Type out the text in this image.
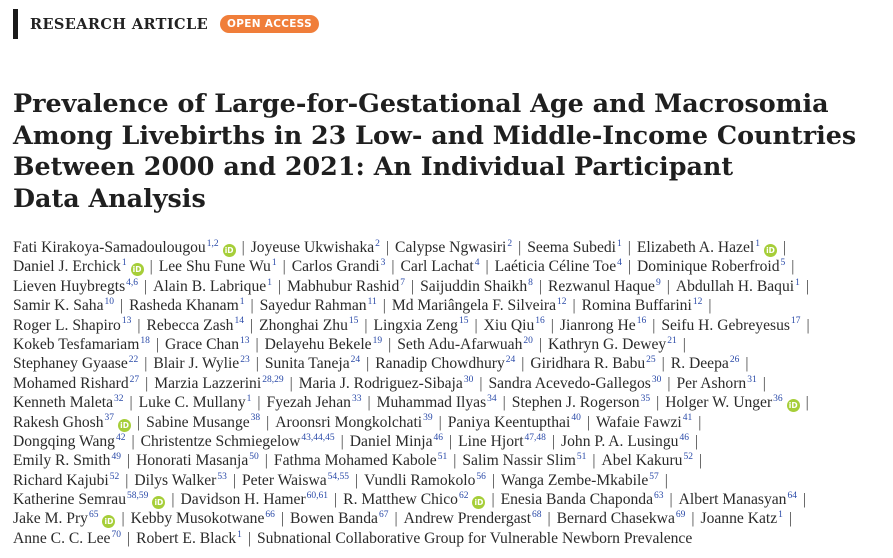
RESEARCH ARTICLE	OPEN ACCESS
Prevalence of Large-for-Gestational Age and Macrosomia
Among Livebirths in 23 Low- and Middle-Income Countries
Between 2000 and 2021: An Individual Participant
Data Analysis
Fati Kirakoya-Samadoulougou$^{1,2}$iD | Joyeuse Ukwishaka$^2$ | Calypse Ngwasiri$^2$ | Seema Subedi$^1$ | Elizabeth A. Hazel$^1$iD |
Daniel J. Erchick$^1$iD | Lee Shu Fune Wu$^1$ | Carlos Grandi$^3$ | Carl Lachat$^4$ | Laéticia Céline Toe$^4$ | Dominique Roberfroid$^5$ |
Lieven Huybregts$^{4,6}$ | Alain B. Labrique$^1$ | Mabhubur Rashid$^7$ | Saijuddin Shaikh$^8$ | Rezwanul Haque$^9$ | Abdullah H. Baqui$^1$ |
Samir K. Saha$^{10}$ | Rasheda Khanam$^1$ | Sayedur Rahman$^{11}$ | Md Mariângela F. Silveira$^{12}$ | Romina Buffarini$^{12}$ |
Roger L. Shapiro$^{13}$ | Rebecca Zash$^{14}$ | Zhonghai Zhu$^{15}$ | Lingxia Zeng$^{15}$ | Xiu Qiu$^{16}$ | Jianrong He$^{16}$ | Seifu H. Gebreyesus$^{17}$ |
Kokeb Tesfamariam$^{18}$ | Grace Chan$^{13}$ | Delayehu Bekele$^{19}$ | Seth Adu-Afarwuah$^{20}$ | Kathryn G. Dewey$^{21}$ |
Stephaney Gyaase$^{22}$ | Blair J. Wylie$^{23}$ | Sunita Taneja$^{24}$ | Ranadip Chowdhury$^{24}$ | Giridhara R. Babu$^{25}$ | R. Deepa$^{26}$ |
Mohamed Rishard$^{27}$ | Marzia Lazzerini$^{28,29}$ | Maria J. Rodriguez-Sibaja$^{30}$ | Sandra Acevedo-Gallegos$^{30}$ | Per Ashorn$^{31}$ |
Kenneth Maleta$^{32}$ | Luke C. Mullany$^1$ | Fyezah Jehan$^{33}$ | Muhammad Ilyas$^{34}$ | Stephen J. Rogerson$^{35}$ | Holger W. Unger$^{36}$iD |
Rakesh Ghosh$^{37}$iD | Sabine Musange$^{38}$ | Aroonsri Mongkolchati$^{39}$ | Paniya Keentupthai$^{40}$ | Wafaie Fawzi$^{41}$ |
Dongqing Wang$^{42}$ | Christentze Schmiegelow$^{43,44,45}$ | Daniel Minja$^{46}$ | Line Hjort$^{47,48}$ | John P. A. Lusingu$^{46}$ |
Emily R. Smith$^{49}$ | Honorati Masanja$^{50}$ | Fathma Mohamed Kabole$^{51}$ | Salim Nassir Slim$^{51}$ | Abel Kakuru$^{52}$ |
Richard Kajubi$^{52}$ | Dilys Walker$^{53}$ | Peter Waiswa$^{54,55}$ | Vundli Ramokolo$^{56}$ | Wanga Zembe-Mkabile$^{57}$ |
Katherine Semrau$^{58,59}$iD | Davidson H. Hamer$^{60,61}$ | R. Matthew Chico$^{62}$iD | Enesia Banda Chaponda$^{63}$ | Albert Manasyan$^{64}$ |
Jake M. Pry$^{65}$iD | Kebby Musokotwane$^{66}$ | Bowen Banda$^{67}$ | Andrew Prendergast$^{68}$ | Bernard Chasekwa$^{69}$ | Joanne Katz$^1$ |
Anne C. C. Lee$^{70}$ | Robert E. Black$^1$ | Subnational Collaborative Group for Vulnerable Newborn Prevalence
